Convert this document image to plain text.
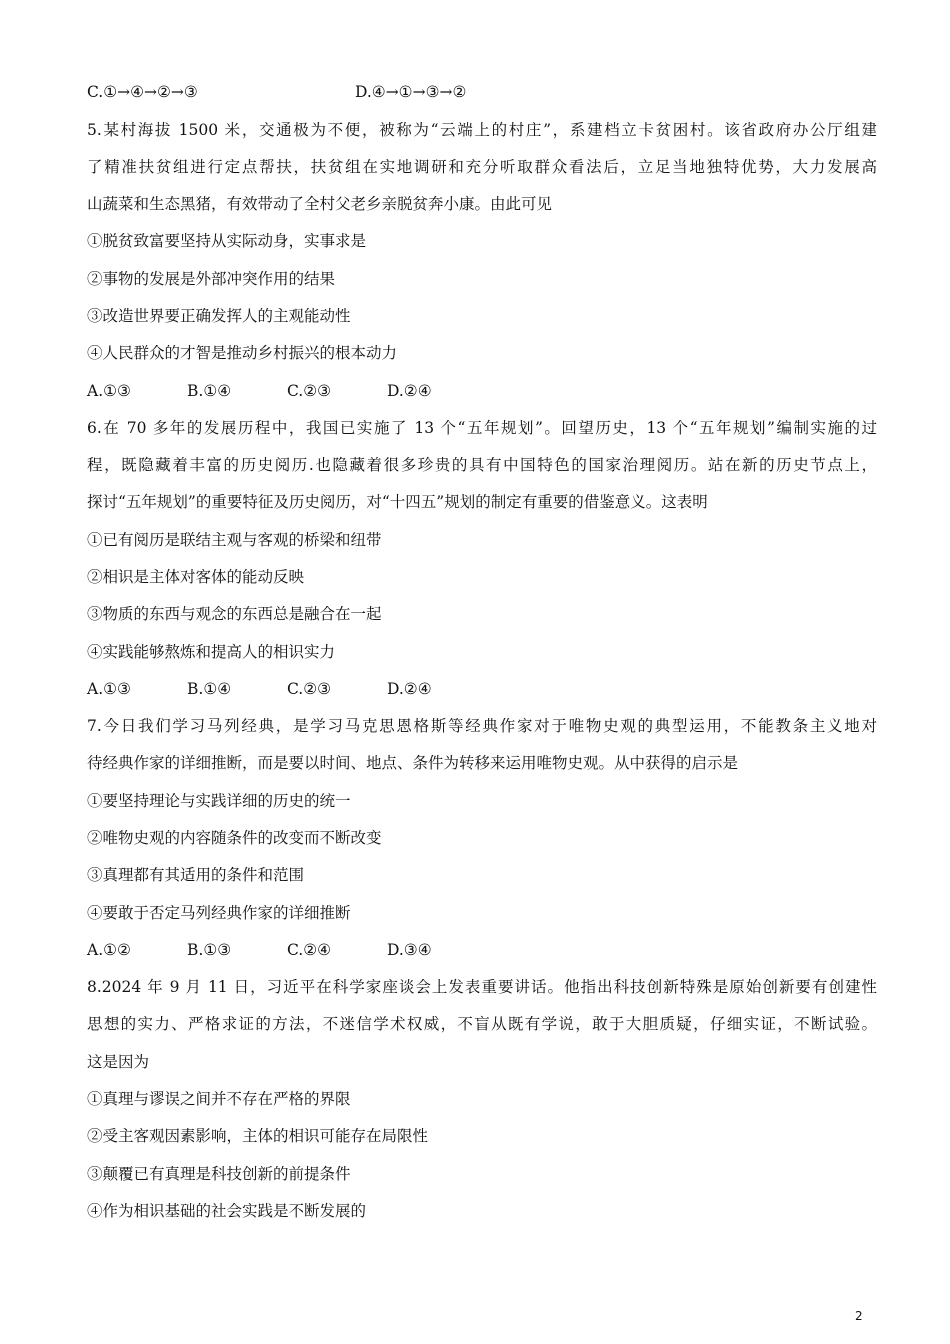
C.①→④→②→③	D.④→①→③→②
5.某村海拔 1500 米，交通极为不便，被称为“云端上的村庄”，系建档立卡贫困村。该省政府办公厅组建
了精准扶贫组进行定点帮扶，扶贫组在实地调研和充分听取群众看法后，立足当地独特优势，大力发展高
山蔬菜和生态黑猪，有效带动了全村父老乡亲脱贫奔小康。由此可见
①脱贫致富要坚持从实际动身，实事求是
②事物的发展是外部冲突作用的结果
③改造世界要正确发挥人的主观能动性
④人民群众的才智是推动乡村振兴的根本动力
A.①③	B.①④	C.②③	D.②④
6.在 70 多年的发展历程中，我国已实施了 13 个“五年规划”。回望历史，13 个“五年规划”编制实施的过
程，既隐藏着丰富的历史阅历.也隐藏着很多珍贵的具有中国特色的国家治理阅历。站在新的历史节点上，
探讨“五年规划”的重要特征及历史阅历，对“十四五”规划的制定有重要的借鉴意义。这表明
①已有阅历是联结主观与客观的桥梁和纽带
②相识是主体对客体的能动反映
③物质的东西与观念的东西总是融合在一起
④实践能够熬炼和提高人的相识实力
A.①③	B.①④	C.②③	D.②④
7.今日我们学习马列经典，是学习马克思恩格斯等经典作家对于唯物史观的典型运用，不能教条主义地对
待经典作家的详细推断，而是要以时间、地点、条件为转移来运用唯物史观。从中获得的启示是
①要坚持理论与实践详细的历史的统一
②唯物史观的内容随条件的改变而不断改变
③真理都有其适用的条件和范围
④要敢于否定马列经典作家的详细推断
A.①②	B.①③	C.②④	D.③④
8.2024 年 9 月 11 日，习近平在科学家座谈会上发表重要讲话。他指出科技创新特殊是原始创新要有创建性
思想的实力、严格求证的方法，不迷信学术权威，不盲从既有学说，敢于大胆质疑，仔细实证，不断试验。
这是因为
①真理与谬误之间并不存在严格的界限
②受主客观因素影响，主体的相识可能存在局限性
③颠覆已有真理是科技创新的前提条件
④作为相识基础的社会实践是不断发展的
2
